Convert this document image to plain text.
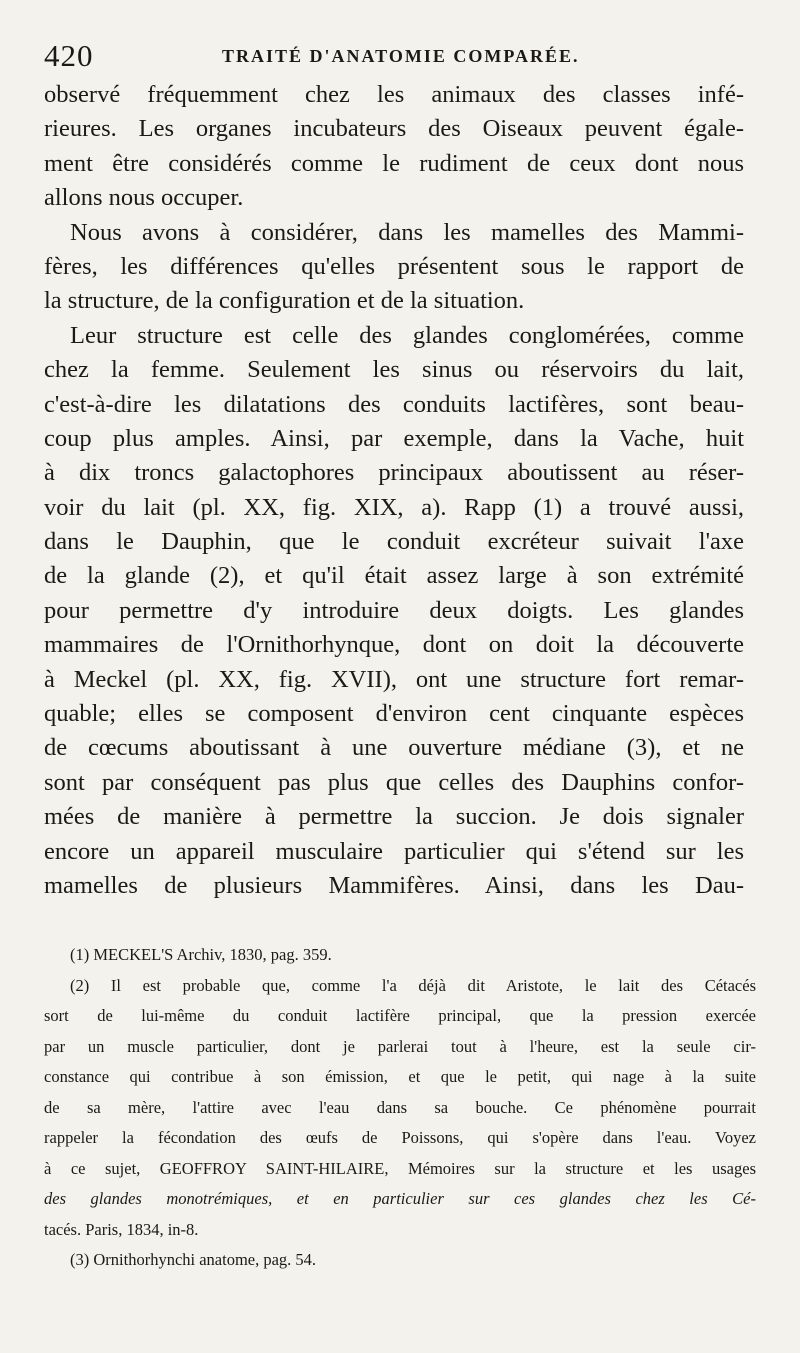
420	TRAITÉ D'ANATOMIE COMPARÉE.
observé fréquemment chez les animaux des classes infé-
rieures. Les organes incubateurs des Oiseaux peuvent égale-
ment être considérés comme le rudiment de ceux dont nous
allons nous occuper.
Nous avons à considérer, dans les mamelles des Mammi-
fères, les différences qu'elles présentent sous le rapport de
la structure, de la configuration et de la situation.
Leur structure est celle des glandes conglomérées, comme
chez la femme. Seulement les sinus ou réservoirs du lait,
c'est-à-dire les dilatations des conduits lactifères, sont beau-
coup plus amples. Ainsi, par exemple, dans la Vache, huit
à dix troncs galactophores principaux aboutissent au réser-
voir du lait (pl. XX, fig. XIX, a). Rapp (1) a trouvé aussi,
dans le Dauphin, que le conduit excréteur suivait l'axe
de la glande (2), et qu'il était assez large à son extrémité
pour permettre d'y introduire deux doigts. Les glandes
mammaires de l'Ornithorhynque, dont on doit la découverte
à Meckel (pl. XX, fig. XVII), ont une structure fort remar-
quable; elles se composent d'environ cent cinquante espèces
de cœcums aboutissant à une ouverture médiane (3), et ne
sont par conséquent pas plus que celles des Dauphins confor-
mées de manière à permettre la succion. Je dois signaler
encore un appareil musculaire particulier qui s'étend sur les
mamelles de plusieurs Mammifères. Ainsi, dans les Dau-
(1) MECKEL'S Archiv, 1830, pag. 359.
(2) Il est probable que, comme l'a déjà dit Aristote, le lait des Cétacés
sort de lui-même du conduit lactifère principal, que la pression exercée
par un muscle particulier, dont je parlerai tout à l'heure, est la seule cir-
constance qui contribue à son émission, et que le petit, qui nage à la suite
de sa mère, l'attire avec l'eau dans sa bouche. Ce phénomène pourrait
rappeler la fécondation des œufs de Poissons, qui s'opère dans l'eau. Voyez
à ce sujet, GEOFFROY SAINT-HILAIRE, Mémoires sur la structure et les usages
des glandes monotrémiques, et en particulier sur ces glandes chez les Cé-
tacés. Paris, 1834, in-8.
(3) Ornithorhynchi anatome, pag. 54.
